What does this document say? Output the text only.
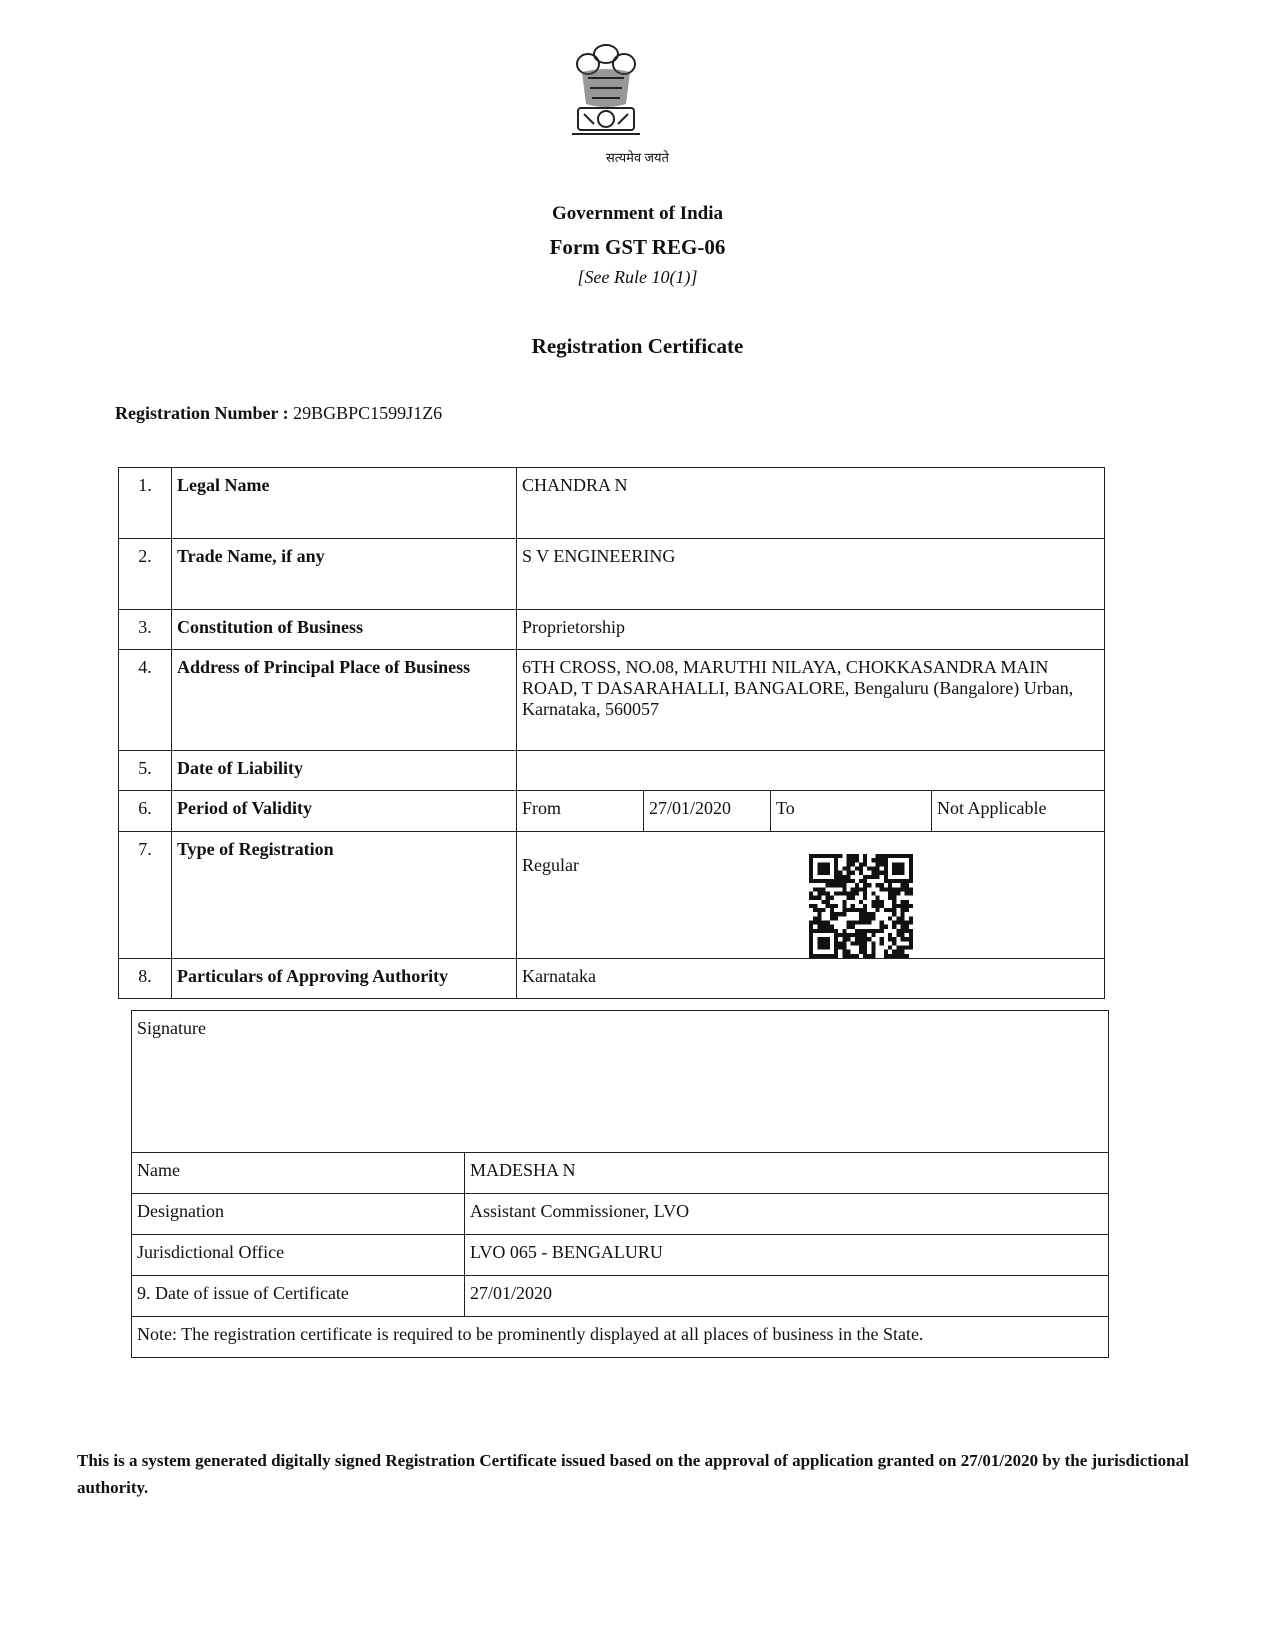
सत्यमेव जयते
Government of India
Form GST REG-06
[See Rule 10(1)]
Registration Certificate
Registration Number : 29BGBPC1599J1Z6
1.	Legal Name	CHANDRA N			
2.	Trade Name, if any	S V ENGINEERING			
3.	Constitution of Business	Proprietorship			
4.	Address of Principal Place of Business	6TH CROSS, NO.08, MARUTHI NILAYA, CHOKKASANDRA MAIN ROAD, T DASARAHALLI, BANGALORE, Bengaluru (Bangalore) Urban, Karnataka, 560057			
5.	Date of Liability				
6.	Period of Validity	From	27/01/2020	To	Not Applicable
7.	Type of Registration	Regular			

8.	Particulars of Approving Authority	Karnataka			
Signature	
Name	MADESHA N
Designation	Assistant Commissioner, LVO
Jurisdictional Office	LVO 065 - BENGALURU
9. Date of issue of Certificate	27/01/2020
Note: The registration certificate is required to be prominently displayed at all places of business in the State.	
This is a system generated digitally signed Registration Certificate issued based on the approval of application granted on 27/01/2020 by the jurisdictional authority.
